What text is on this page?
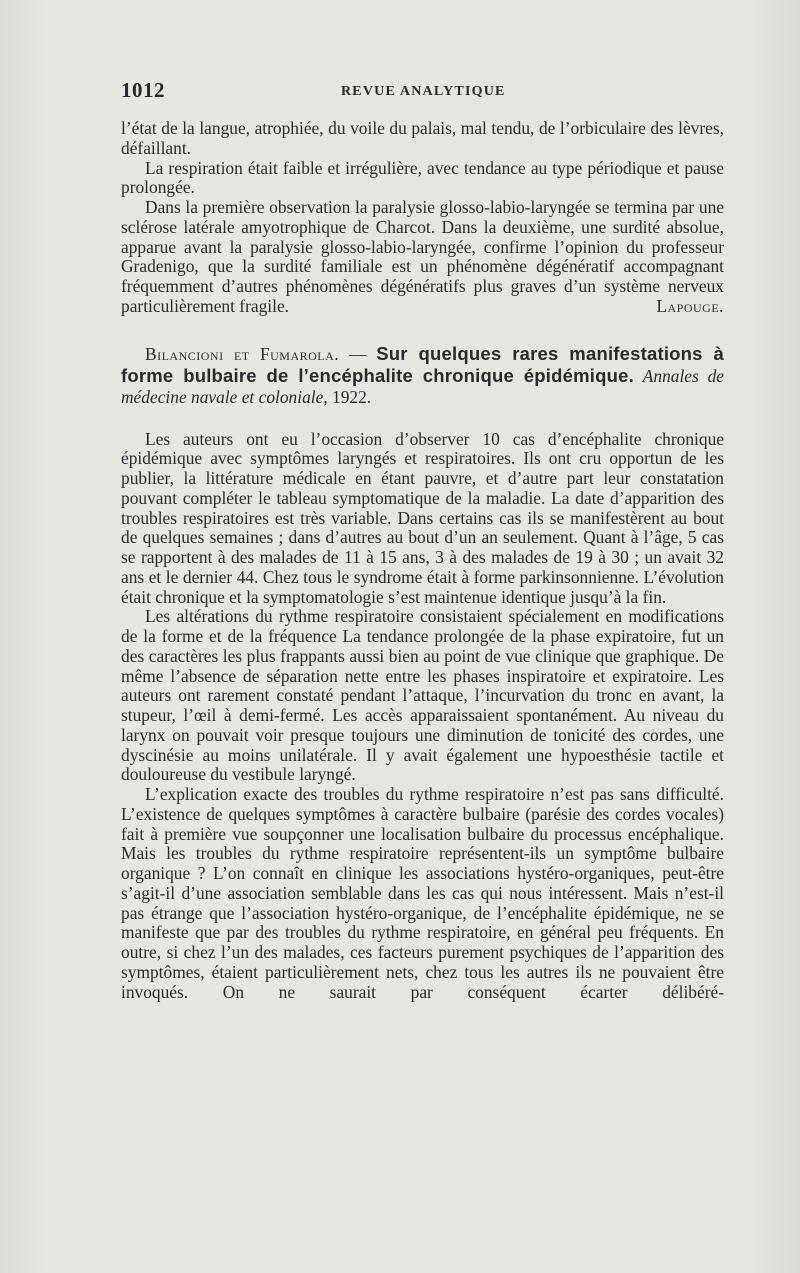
1012	REVUE ANALYTIQUE

l’état de la langue, atrophiée, du voile du palais, mal tendu, de l’orbiculaire des lèvres, défaillant.

La respiration était faible et irrégulière, avec tendance au type périodique et pause prolongée.

Dans la première observation la paralysie glosso-labio-laryngée se termina par une sclérose latérale amyotrophique de Charcot. Dans la deuxième, une surdité absolue, apparue avant la paralysie glosso-labio-laryngée, confirme l’opinion du professeur Gradenigo, que la surdité familiale est un phénomène dégénératif accompagnant fréquemment d’autres phénomènes dégénératifs plus graves d’un système nerveux particulièrement fragile.	Lapouge.

Bilancioni et Fumarola. — Sur quelques rares manifestations à forme bulbaire de l’encéphalite chronique épidémique. Annales de médecine navale et coloniale, 1922.

Les auteurs ont eu l’occasion d’observer 10 cas d’encéphalite chronique épidémique avec symptômes laryngés et respiratoires. Ils ont cru opportun de les publier, la littérature médicale en étant pauvre, et d’autre part leur constatation pouvant compléter le tableau symptomatique de la maladie. La date d’apparition des troubles respiratoires est très variable. Dans certains cas ils se manifestèrent au bout de quelques semaines ; dans d’autres au bout d’un an seulement. Quant à l’âge, 5 cas se rapportent à des malades de 11 à 15 ans, 3 à des malades de 19 à 30 ; un avait 32 ans et le dernier 44. Chez tous le syndrome était à forme parkinsonnienne. L’évolution était chronique et la symptomatologie s’est maintenue identique jusqu’à la fin.

Les altérations du rythme respiratoire consistaient spécialement en modifications de la forme et de la fréquence La tendance prolongée de la phase expiratoire, fut un des caractères les plus frappants aussi bien au point de vue clinique que graphique. De même l’absence de séparation nette entre les phases inspiratoire et expiratoire. Les auteurs ont rarement constaté pendant l’attaque, l’incurvation du tronc en avant, la stupeur, l’œil à demi-fermé. Les accès apparaissaient spontanément. Au niveau du larynx on pouvait voir presque toujours une diminution de tonicité des cordes, une dyscinésie au moins unilatérale. Il y avait également une hypoesthésie tactile et douloureuse du vestibule laryngé.

L’explication exacte des troubles du rythme respiratoire n’est pas sans difficulté. L’existence de quelques symptômes à caractère bulbaire (parésie des cordes vocales) fait à première vue soupçonner une localisation bulbaire du processus encéphalique. Mais les troubles du rythme respiratoire représentent-ils un symptôme bulbaire organique ? L’on connaît en clinique les associations hystéro-organiques, peut-être s’agit-il d’une association semblable dans les cas qui nous intéressent. Mais n’est-il pas étrange que l’association hystéro-organique, de l’encéphalite épidémique, ne se manifeste que par des troubles du rythme respiratoire, en général peu fréquents. En outre, si chez l’un des malades, ces facteurs purement psychiques de l’apparition des symptômes, étaient particulièrement nets, chez tous les autres ils ne pouvaient être invoqués. On ne saurait par conséquent écarter délibéré-
